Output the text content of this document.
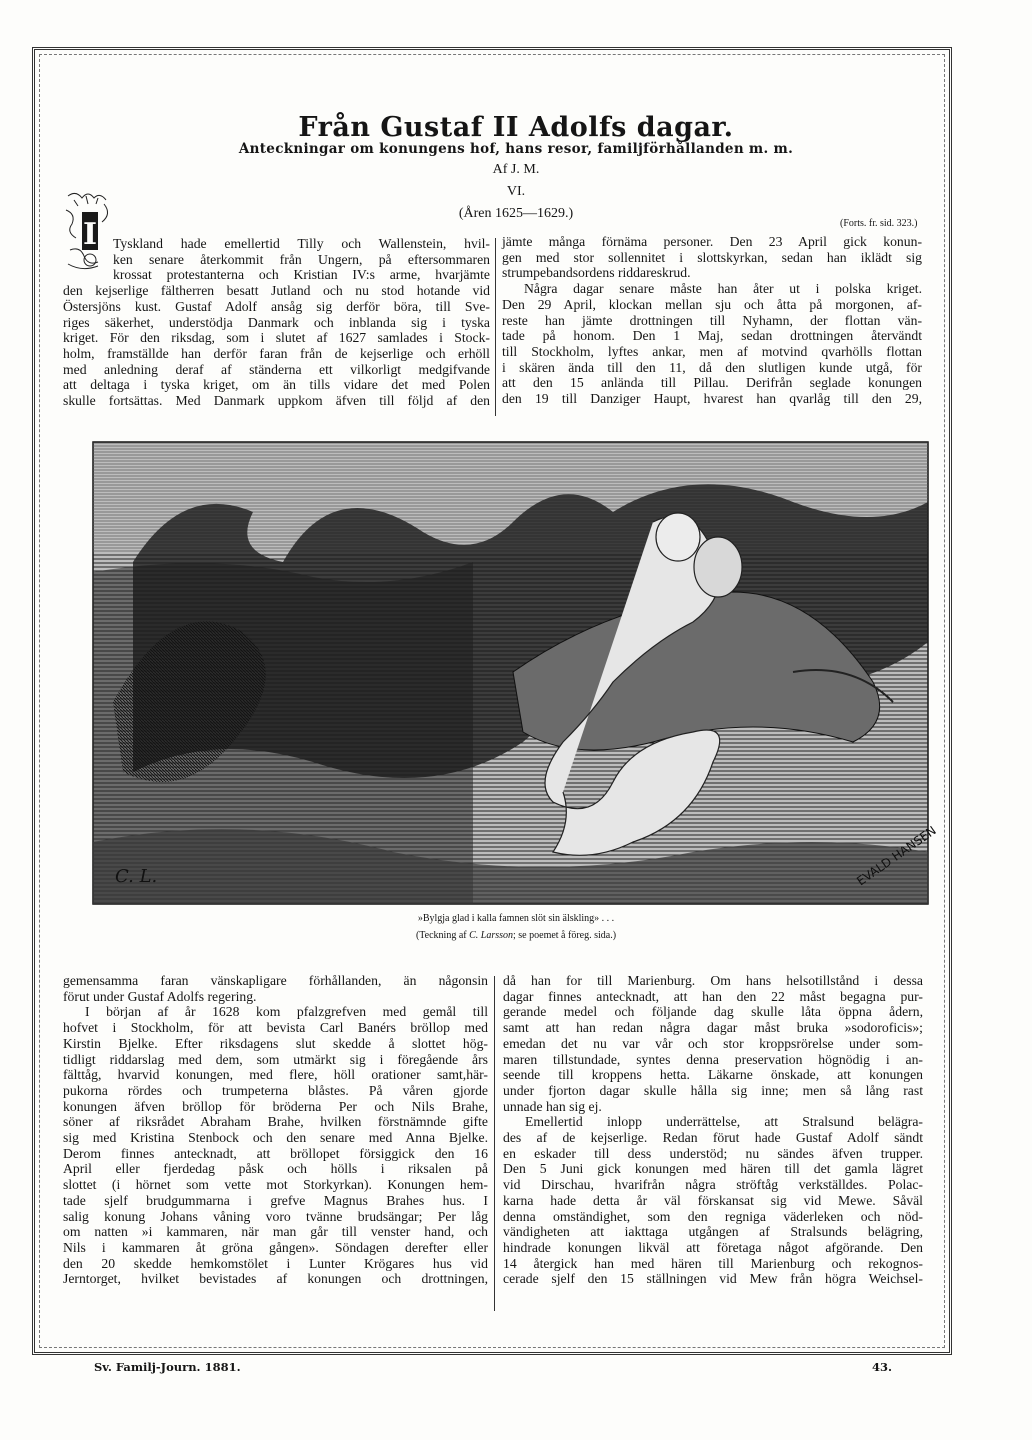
Från Gustaf II Adolfs dagar.
Anteckningar om konungens hof, hans resor, familjförhållanden m. m.
Af J. M.
VI.
(Åren 1625—1629.)
(Forts. fr. sid. 323.)
I	Tyskland hade emellertid Tilly och Wallenstein, hvil-
ken senare återkommit från Ungern, på eftersommaren
krossat protestanterna och Kristian IV:s arme, hvarjämte
den kejserlige fältherren besatt Jutland och nu stod hotande vid
Östersjöns kust. Gustaf Adolf ansåg sig derför böra, till Sve-
riges säkerhet, understödja Danmark och inblanda sig i tyska
kriget. För den riksdag, som i slutet af 1627 samlades i Stock-
holm, framställde han derför faran från de kejserlige och erhöll
med anledning deraf af ständerna ett vilkorligt medgifvande
att deltaga i tyska kriget, om än tills vidare det med Polen
skulle fortsättas. Med Danmark uppkom äfven till följd af den
jämte många förnäma personer. Den 23 April gick konun-
gen med stor sollennitet i slottskyrkan, sedan han iklädt sig
strumpebandsordens riddareskrud.
Några dagar senare måste han åter ut i polska kriget.
Den 29 April, klockan mellan sju och åtta på morgonen, af-
reste han jämte drottningen till Nyhamn, der flottan vän-
tade på honom. Den 1 Maj, sedan drottningen återvändt
till Stockholm, lyftes ankar, men af motvind qvarhölls flottan
i skären ända till den 11, då den slutligen kunde utgå, för
att den 15 anlända till Pillau. Derifrån seglade konungen
den 19 till Danziger Haupt, hvarest han qvarlåg till den 29,
C. L.	EVALD HANSEN
»Bylgja glad i kalla famnen slöt sin älskling» . . .
(Teckning af C. Larsson; se poemet å föreg. sida.)
gemensamma faran vänskapligare förhållanden, än någonsin
förut under Gustaf Adolfs regering.
I början af år 1628 kom pfalzgrefven med gemål till
hofvet i Stockholm, för att bevista Carl Banérs bröllop med
Kirstin Bjelke. Efter riksdagens slut skedde å slottet hög-
tidligt riddarslag med dem, som utmärkt sig i föregående års
fälttåg, hvarvid konungen, med flere, höll orationer samt,här-
pukorna rördes och trumpeterna blåstes. På våren gjorde
konungen äfven bröllop för bröderna Per och Nils Brahe,
söner af riksrådet Abraham Brahe, hvilken förstnämnde gifte
sig med Kristina Stenbock och den senare med Anna Bjelke.
Derom finnes antecknadt, att bröllopet försiggick den 16
April eller fjerdedag påsk och hölls i riksalen på
slottet (i hörnet som vette mot Storkyrkan). Konungen hem-
tade sjelf brudgummarna i grefve Magnus Brahes hus. I
salig konung Johans våning voro tvänne brudsängar; Per låg
om natten »i kammaren, när man går till venster hand, och
Nils i kammaren åt gröna gången». Söndagen derefter eller
den 20 skedde hemkomstölet i Lunter Krögares hus vid
Jerntorget, hvilket bevistades af konungen och drottningen,
då han for till Marienburg. Om hans helsotillstånd i dessa
dagar finnes antecknadt, att han den 22 måst begagna pur-
gerande medel och följande dag skulle låta öppna ådern,
samt att han redan några dagar måst bruka »sodoroficis»;
emedan det nu var vår och stor kroppsrörelse under som-
maren tillstundade, syntes denna preservation högnödig i an-
seende till kroppens hetta. Läkarne önskade, att konungen
under fjorton dagar skulle hålla sig inne; men så lång rast
unnade han sig ej.
Emellertid inlopp underrättelse, att Stralsund belägra-
des af de kejserlige. Redan förut hade Gustaf Adolf sändt
en eskader till dess understöd; nu sändes äfven trupper.
Den 5 Juni gick konungen med hären till det gamla lägret
vid Dirschau, hvarifrån några ströftåg verkställdes. Polac-
karna hade detta år väl förskansat sig vid Mewe. Såväl
denna omständighet, som den regniga väderleken och nöd-
vändigheten att iakttaga utgången af Stralsunds belägring,
hindrade konungen likväl att företaga något afgörande. Den
14 återgick han med hären till Marienburg och rekognos-
cerade sjelf den 15 ställningen vid Mew från högra Weichsel-
Sv. Familj-Journ. 1881.	43.
